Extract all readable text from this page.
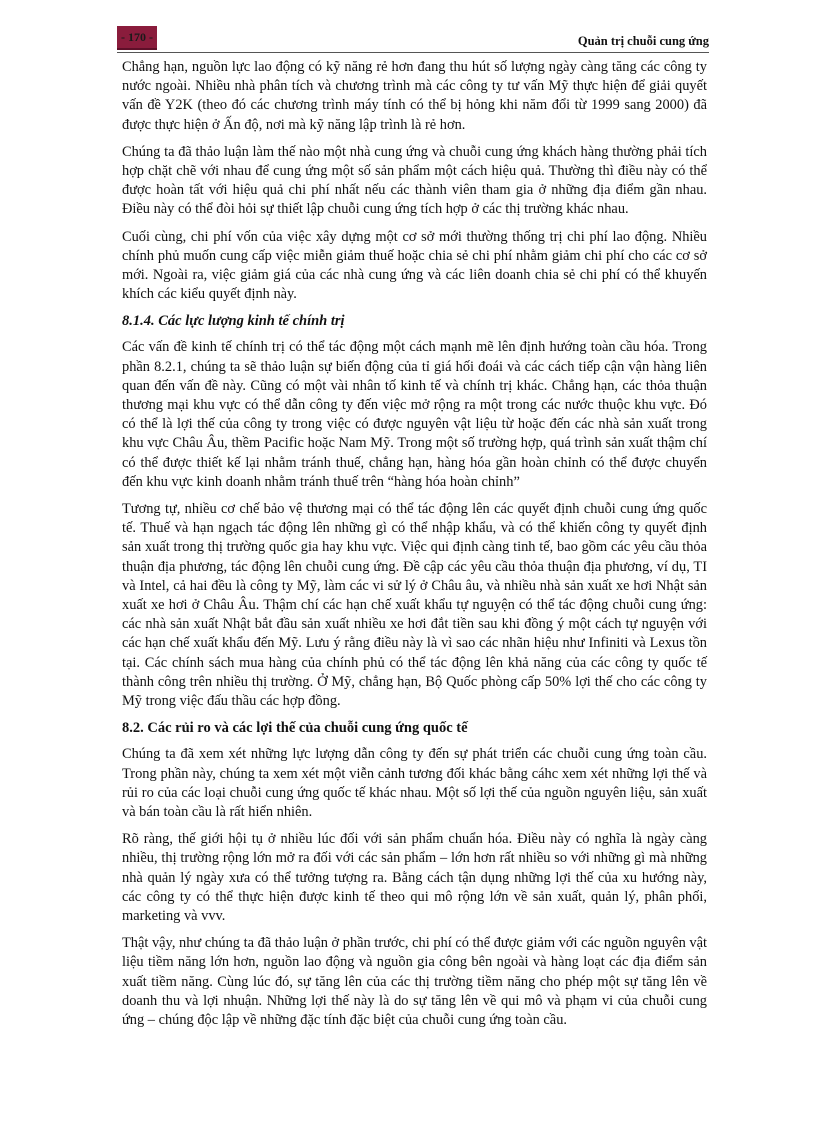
- 170 -	Quản trị chuỗi cung ứng

Chẳng hạn, nguồn lực lao động có kỹ năng rẻ hơn đang thu hút số lượng ngày càng tăng các công ty nước ngoài. Nhiều nhà phân tích và chương trình mà các công ty tư vấn Mỹ thực hiện để giải quyết vấn đề Y2K (theo đó các chương trình máy tính có thể bị hỏng khi năm đổi từ 1999 sang 2000) đã được thực hiện ở Ấn độ, nơi mà kỹ năng lập trình là rẻ hơn.

Chúng ta đã thảo luận làm thế nào một nhà cung ứng và chuỗi cung ứng khách hàng thường phải tích hợp chặt chẽ với nhau để cung ứng một số sản phẩm một cách hiệu quả. Thường thì điều này có thể được hoàn tất với hiệu quả chi phí nhất nếu các thành viên tham gia ở những địa điểm gần nhau. Điều này có thể đòi hỏi sự thiết lập chuỗi cung ứng tích hợp ở các thị trường khác nhau.

Cuối cùng, chi phí vốn của việc xây dựng một cơ sở mới thường thống trị chi phí lao động. Nhiều chính phủ muốn cung cấp việc miễn giảm thuế hoặc chia sẻ chi phí nhằm giảm chi phí cho các cơ sở mới. Ngoài ra, việc giảm giá của các nhà cung ứng và các liên doanh chia sẻ chi phí có thể khuyến khích các kiểu quyết định này.

8.1.4. Các lực lượng kinh tế chính trị

Các vấn đề kinh tế chính trị có thể tác động một cách mạnh mẽ lên định hướng toàn cầu hóa. Trong phần 8.2.1, chúng ta sẽ thảo luận sự biến động của tỉ giá hối đoái và các cách tiếp cận vận hàng liên quan đến vấn đề này. Cũng có một vài nhân tố kinh tế và chính trị khác. Chẳng hạn, các thỏa thuận thương mại khu vực có thể dẫn công ty đến việc mở rộng ra một trong các nước thuộc khu vực. Đó có thể là lợi thế của công ty trong việc có được nguyên vật liệu từ hoặc đến các nhà sản xuất trong khu vực Châu Âu, thềm Pacific hoặc Nam Mỹ. Trong một số trường hợp, quá trình sản xuất thậm chí có thể được thiết kế lại nhằm tránh thuế, chẳng hạn, hàng hóa gần hoàn chỉnh có thể được chuyển đến khu vực kinh doanh nhằm tránh thuế trên “hàng hóa hoàn chỉnh”

Tương tự, nhiều cơ chế bảo vệ thương mại có thể tác động lên các quyết định chuỗi cung ứng quốc tế. Thuế và hạn ngạch tác động lên những gì có thể nhập khẩu, và có thể khiến công ty quyết định sản xuất trong thị trường quốc gia hay khu vực. Việc qui định càng tinh tế, bao gồm các yêu cầu thỏa thuận địa phương, tác động lên chuỗi cung ứng. Đề cập các yêu cầu thỏa thuận địa phương, ví dụ, TI và Intel, cả hai đều là công ty Mỹ, làm các vi sử lý ở Châu âu, và nhiều nhà sản xuất xe hơi Nhật sản xuất xe hơi ở Châu Âu. Thậm chí các hạn chế xuất khẩu tự nguyện có thể tác động chuỗi cung ứng: các nhà sản xuất Nhật bắt đầu sản xuất nhiều xe hơi đắt tiền sau khi đồng ý một cách tự nguyện với các hạn chế xuất khẩu đến Mỹ. Lưu ý rằng điều này là vì sao các nhãn hiệu như Infiniti và Lexus tồn tại. Các chính sách mua hàng của chính phủ có thể tác động lên khả năng của các công ty quốc tế thành công trên nhiều thị trường. Ở Mỹ, chẳng hạn, Bộ Quốc phòng cấp 50% lợi thế cho các công ty Mỹ trong việc đấu thầu các hợp đồng.

8.2. Các rủi ro và các lợi thế của chuỗi cung ứng quốc tế

Chúng ta đã xem xét những lực lượng dẫn công ty đến sự phát triển các chuỗi cung ứng toàn cầu. Trong phần này, chúng ta xem xét một viễn cảnh tương đối khác bằng cáhc xem xét những lợi thế và rủi ro của các loại chuỗi cung ứng quốc tế khác nhau. Một số lợi thế của nguồn nguyên liệu, sản xuất và bán toàn cầu là rất hiển nhiên.

Rõ ràng, thế giới hội tụ ở nhiều lúc đối với sản phẩm chuẩn hóa. Điều này có nghĩa là ngày càng nhiều, thị trường rộng lớn mở ra đối với các sản phẩm – lớn hơn rất nhiều so với những gì mà những nhà quản lý ngày xưa có thể tưởng tượng ra. Bằng cách tận dụng những lợi thế của xu hướng này, các công ty có thể thực hiện được kinh tế theo qui mô rộng lớn về sản xuất, quản lý, phân phối, marketing và vvv.

Thật vậy, như chúng ta đã thảo luận ở phần trước, chi phí có thể được giảm với các nguồn nguyên vật liệu tiềm năng lớn hơn, nguồn lao động và nguồn gia công bên ngoài và hàng loạt các địa điểm sản xuất tiềm năng. Cùng lúc đó, sự tăng lên của các thị trường tiềm năng cho phép một sự tăng lên về doanh thu và lợi nhuận. Những lợi thế này là do sự tăng lên về qui mô và phạm vi của chuỗi cung ứng – chúng độc lập về những đặc tính đặc biệt của chuỗi cung ứng toàn cầu.
